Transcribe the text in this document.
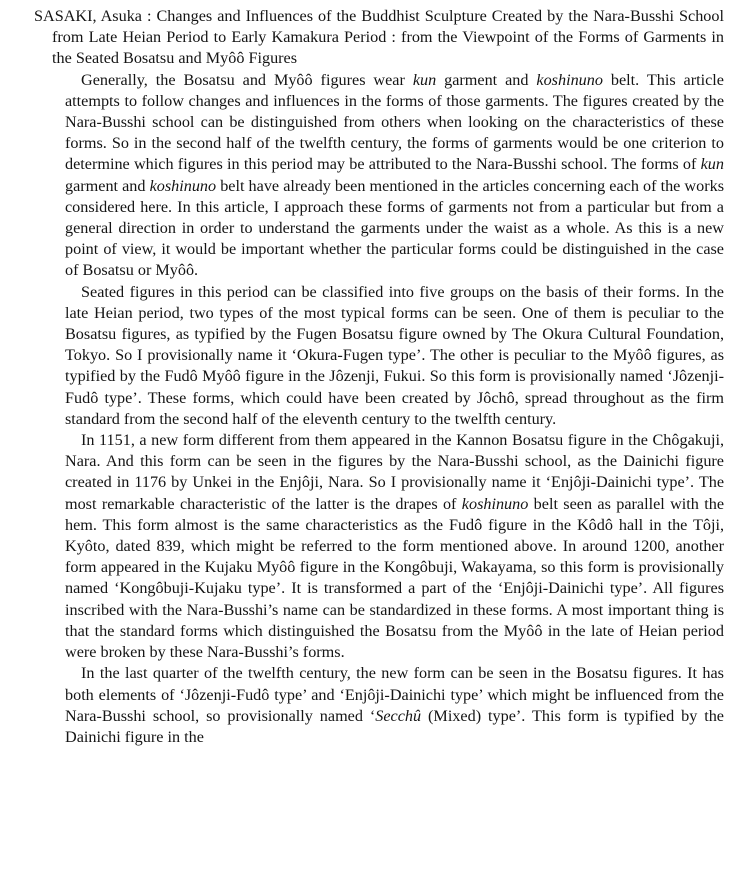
SASAKI, Asuka : Changes and Influences of the Buddhist Sculpture Created by the Nara-Busshi School from Late Heian Period to Early Kamakura Period : from the Viewpoint of the Forms of Garments in the Seated Bosatsu and Myôô Figures

Generally, the Bosatsu and Myôô figures wear kun garment and koshinuno belt. This article attempts to follow changes and influences in the forms of those garments. The figures created by the Nara-Busshi school can be distinguished from others when looking on the characteristics of these forms. So in the second half of the twelfth century, the forms of garments would be one criterion to determine which figures in this period may be attributed to the Nara-Busshi school. The forms of kun garment and koshinuno belt have already been mentioned in the articles concerning each of the works considered here. In this article, I approach these forms of garments not from a particular but from a general direction in order to understand the garments under the waist as a whole. As this is a new point of view, it would be important whether the particular forms could be distinguished in the case of Bosatsu or Myôô.

Seated figures in this period can be classified into five groups on the basis of their forms. In the late Heian period, two types of the most typical forms can be seen. One of them is peculiar to the Bosatsu figures, as typified by the Fugen Bosatsu figure owned by The Okura Cultural Foundation, Tokyo. So I provisionally name it ‘Okura-Fugen type’. The other is peculiar to the Myôô figures, as typified by the Fudô Myôô figure in the Jôzenji, Fukui. So this form is provisionally named ‘Jôzenji-Fudô type’. These forms, which could have been created by Jôchô, spread throughout as the firm standard from the second half of the eleventh century to the twelfth century.

In 1151, a new form different from them appeared in the Kannon Bosatsu figure in the Chôgakuji, Nara. And this form can be seen in the figures by the Nara-Busshi school, as the Dainichi figure created in 1176 by Unkei in the Enjôji, Nara. So I provisionally name it ‘Enjôji-Dainichi type’. The most remarkable characteristic of the latter is the drapes of koshinuno belt seen as parallel with the hem. This form almost is the same characteristics as the Fudô figure in the Kôdô hall in the Tôji, Kyôto, dated 839, which might be referred to the form mentioned above. In around 1200, another form appeared in the Kujaku Myôô figure in the Kongôbuji, Wakayama, so this form is provisionally named ‘Kongôbuji-Kujaku type’. It is transformed a part of the ‘Enjôji-Dainichi type’. All figures inscribed with the Nara-Busshi’s name can be standardized in these forms. A most important thing is that the standard forms which distinguished the Bosatsu from the Myôô in the late of Heian period were broken by these Nara-Busshi’s forms.

In the last quarter of the twelfth century, the new form can be seen in the Bosatsu figures. It has both elements of ‘Jôzenji-Fudô type’ and ‘Enjôji-Dainichi type’ which might be influenced from the Nara-Busshi school, so provisionally named ‘Secchû (Mixed) type’. This form is typified by the Dainichi figure in the
